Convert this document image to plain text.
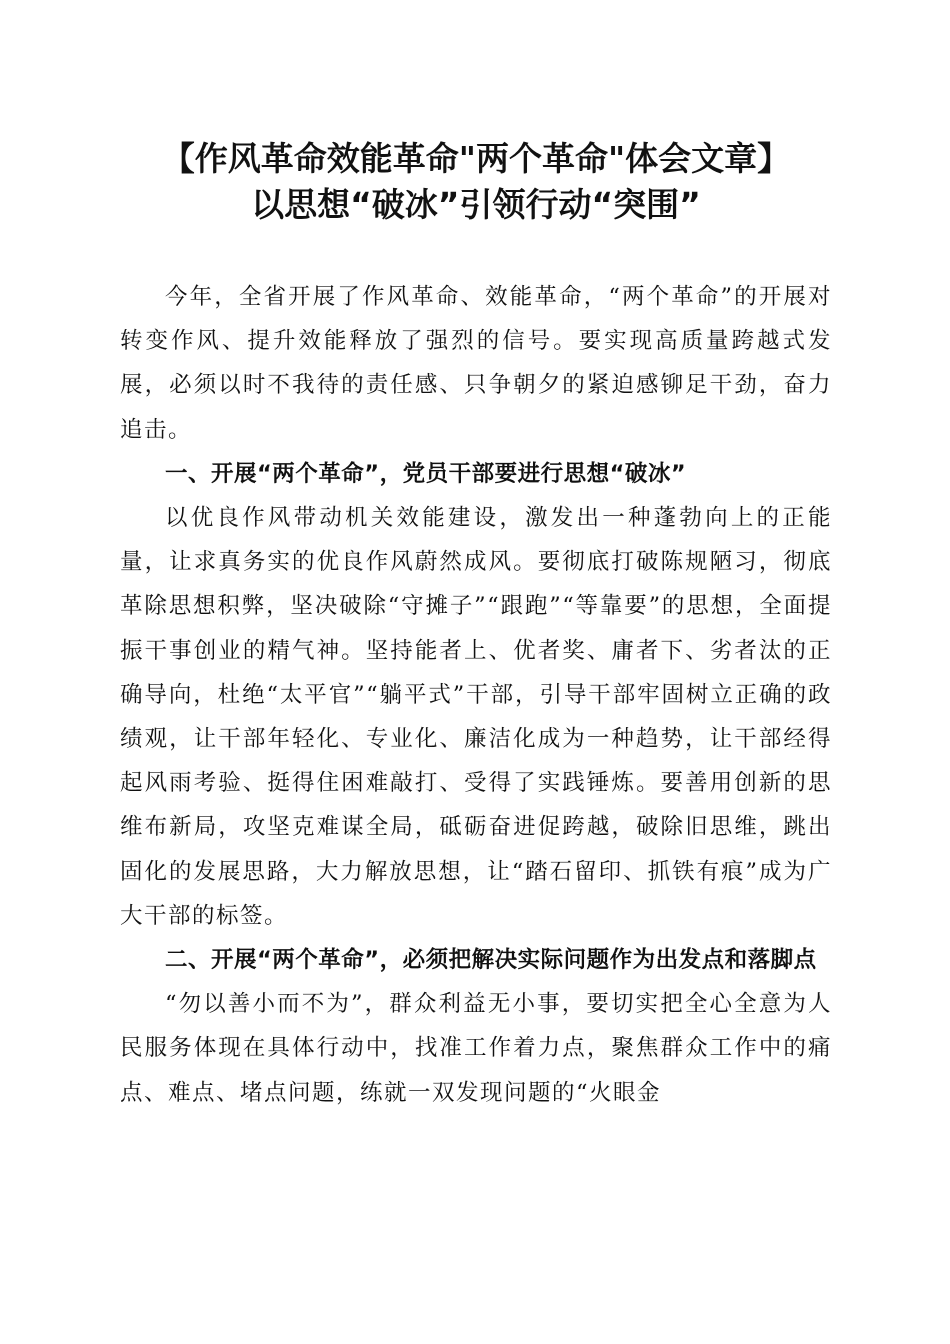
【作风革命效能革命"两个革命"体会文章】
以思想“破冰”引领行动“突围”

今年，全省开展了作风革命、效能革命，“两个革命”的开展对转变作风、提升效能释放了强烈的信号。要实现高质量跨越式发展，必须以时不我待的责任感、只争朝夕的紧迫感铆足干劲，奋力追击。

一、开展“两个革命”，党员干部要进行思想“破冰”

以优良作风带动机关效能建设，激发出一种蓬勃向上的正能量，让求真务实的优良作风蔚然成风。要彻底打破陈规陋习，彻底革除思想积弊，坚决破除“守摊子”“跟跑”“等靠要”的思想，全面提振干事创业的精气神。坚持能者上、优者奖、庸者下、劣者汰的正确导向，杜绝“太平官”“躺平式”干部，引导干部牢固树立正确的政绩观，让干部年轻化、专业化、廉洁化成为一种趋势，让干部经得起风雨考验、挺得住困难敲打、受得了实践锤炼。要善用创新的思维布新局，攻坚克难谋全局，砥砺奋进促跨越，破除旧思维，跳出固化的发展思路，大力解放思想，让“踏石留印、抓铁有痕”成为广大干部的标签。

二、开展“两个革命”，必须把解决实际问题作为出发点和落脚点

“勿以善小而不为”，群众利益无小事，要切实把全心全意为人民服务体现在具体行动中，找准工作着力点，聚焦群众工作中的痛点、难点、堵点问题，练就一双发现问题的“火眼金
